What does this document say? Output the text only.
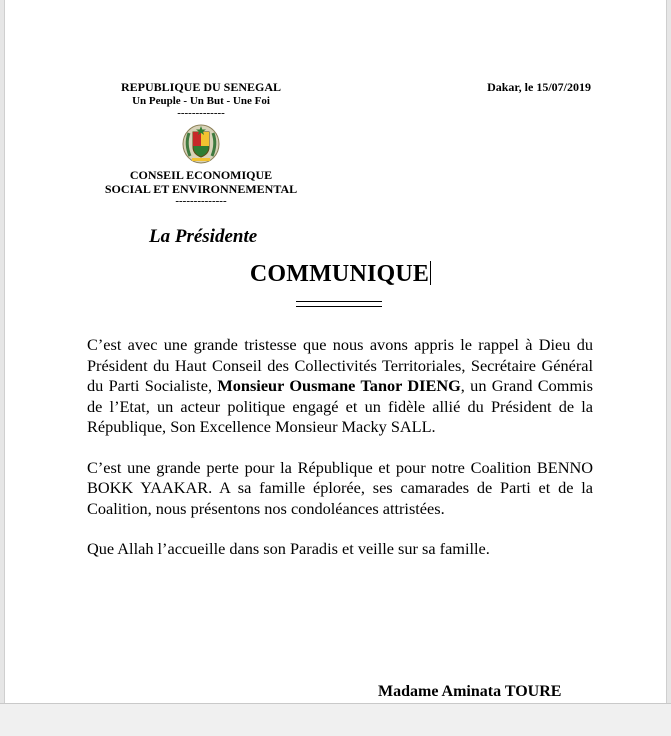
REPUBLIQUE DU SENEGAL
Un Peuple - Un But - Une Foi
-------------
CONSEIL ECONOMIQUE
SOCIAL ET ENVIRONNEMENTAL
--------------
Dakar, le 15/07/2019
La Présidente
COMMUNIQUE

C’est avec une grande tristesse que nous avons appris le rappel à Dieu du Président du Haut Conseil des Collectivités Territoriales, Secrétaire Général du Parti Socialiste, Monsieur Ousmane Tanor DIENG, un Grand Commis de l’Etat, un acteur politique engagé et un fidèle allié du Président de la République, Son Excellence Monsieur Macky SALL.

C’est une grande perte pour la République et pour notre Coalition BENNO BOKK YAAKAR. A sa famille éplorée, ses camarades de Parti et de la Coalition, nous présentons nos condoléances attristées.

Que Allah l’accueille dans son Paradis et veille sur sa famille.

Madame Aminata TOURE
